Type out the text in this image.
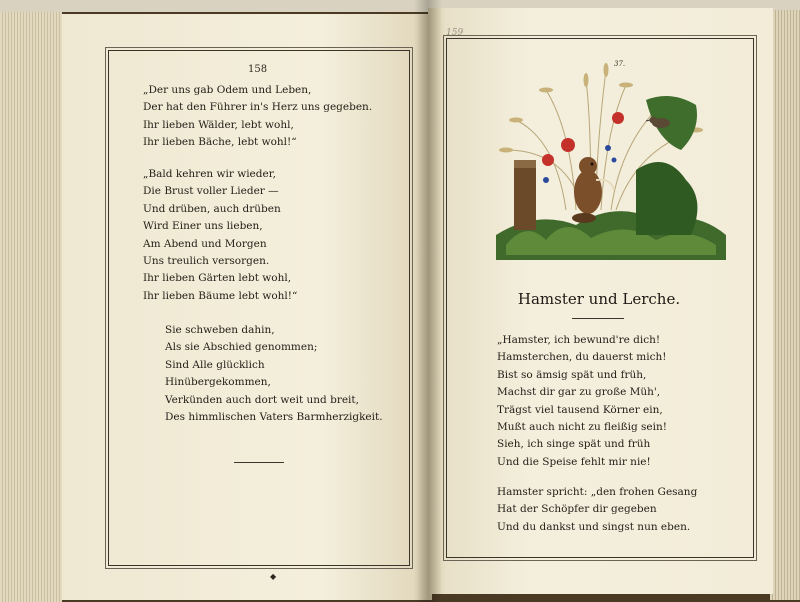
158
159
„Der uns gab Odem und Leben,
Der hat den Führer in's Herz uns gegeben.
Ihr lieben Wälder, lebt wohl,
Ihr lieben Bäche, lebt wohl!“
„Bald kehren wir wieder,
Die Brust voller Lieder —
Und drüben, auch drüben
Wird Einer uns lieben,
Am Abend und Morgen
Uns treulich versorgen.
Ihr lieben Gärten lebt wohl,
Ihr lieben Bäume lebt wohl!“
Sie schweben dahin,
Als sie Abschied genommen;
Sind Alle glücklich
Hinübergekommen,
Verkünden auch dort weit und breit,
Des himmlischen Vaters Barmherzigkeit.
◆
37.
Hamster und Lerche.
„Hamster, ich bewund're dich!
Hamsterchen, du dauerst mich!
Bist so ämsig spät und früh,
Machst dir gar zu große Müh',
Trägst viel tausend Körner ein,
Mußt auch nicht zu fleißig sein!
Sieh, ich singe spät und früh
Und die Speise fehlt mir nie!
Hamster spricht: „den frohen Gesang
Hat der Schöpfer dir gegeben
Und du dankst und singst nun eben.
